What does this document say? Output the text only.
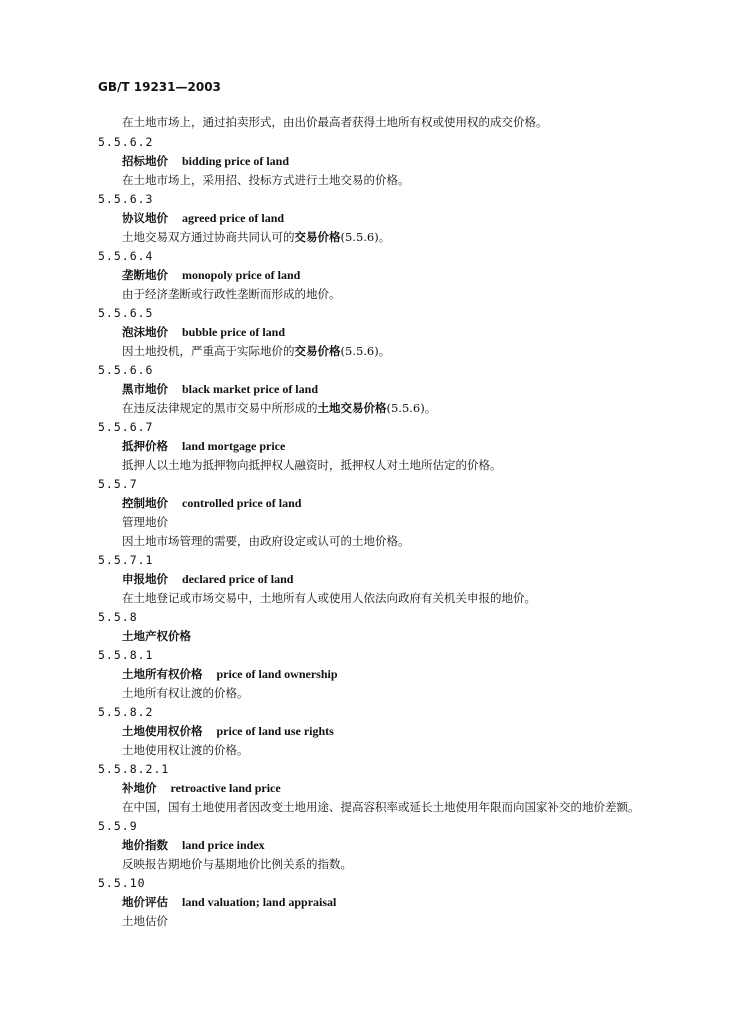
GB/T 19231—2003
在土地市场上，通过拍卖形式，由出价最高者获得土地所有权或使用权的成交价格。
5.5.6.2
招标地价 bidding price of land
在土地市场上，采用招、投标方式进行土地交易的价格。
5.5.6.3
协议地价 agreed price of land
土地交易双方通过协商共同认可的交易价格(5.5.6)。
5.5.6.4
垄断地价 monopoly price of land
由于经济垄断或行政性垄断而形成的地价。
5.5.6.5
泡沫地价 bubble price of land
因土地投机，严重高于实际地价的交易价格(5.5.6)。
5.5.6.6
黑市地价 black market price of land
在违反法律规定的黑市交易中所形成的土地交易价格(5.5.6)。
5.5.6.7
抵押价格 land mortgage price
抵押人以土地为抵押物向抵押权人融资时，抵押权人对土地所估定的价格。
5.5.7
控制地价 controlled price of land
管理地价
因土地市场管理的需要，由政府设定或认可的土地价格。
5.5.7.1
申报地价 declared price of land
在土地登记或市场交易中，土地所有人或使用人依法向政府有关机关申报的地价。
5.5.8
土地产权价格
5.5.8.1
土地所有权价格 price of land ownership
土地所有权让渡的价格。
5.5.8.2
土地使用权价格 price of land use rights
土地使用权让渡的价格。
5.5.8.2.1
补地价 retroactive land price
在中国，国有土地使用者因改变土地用途、提高容积率或延长土地使用年限而向国家补交的地价差额。
5.5.9
地价指数 land price index
反映报告期地价与基期地价比例关系的指数。
5.5.10
地价评估 land valuation; land appraisal
土地估价
